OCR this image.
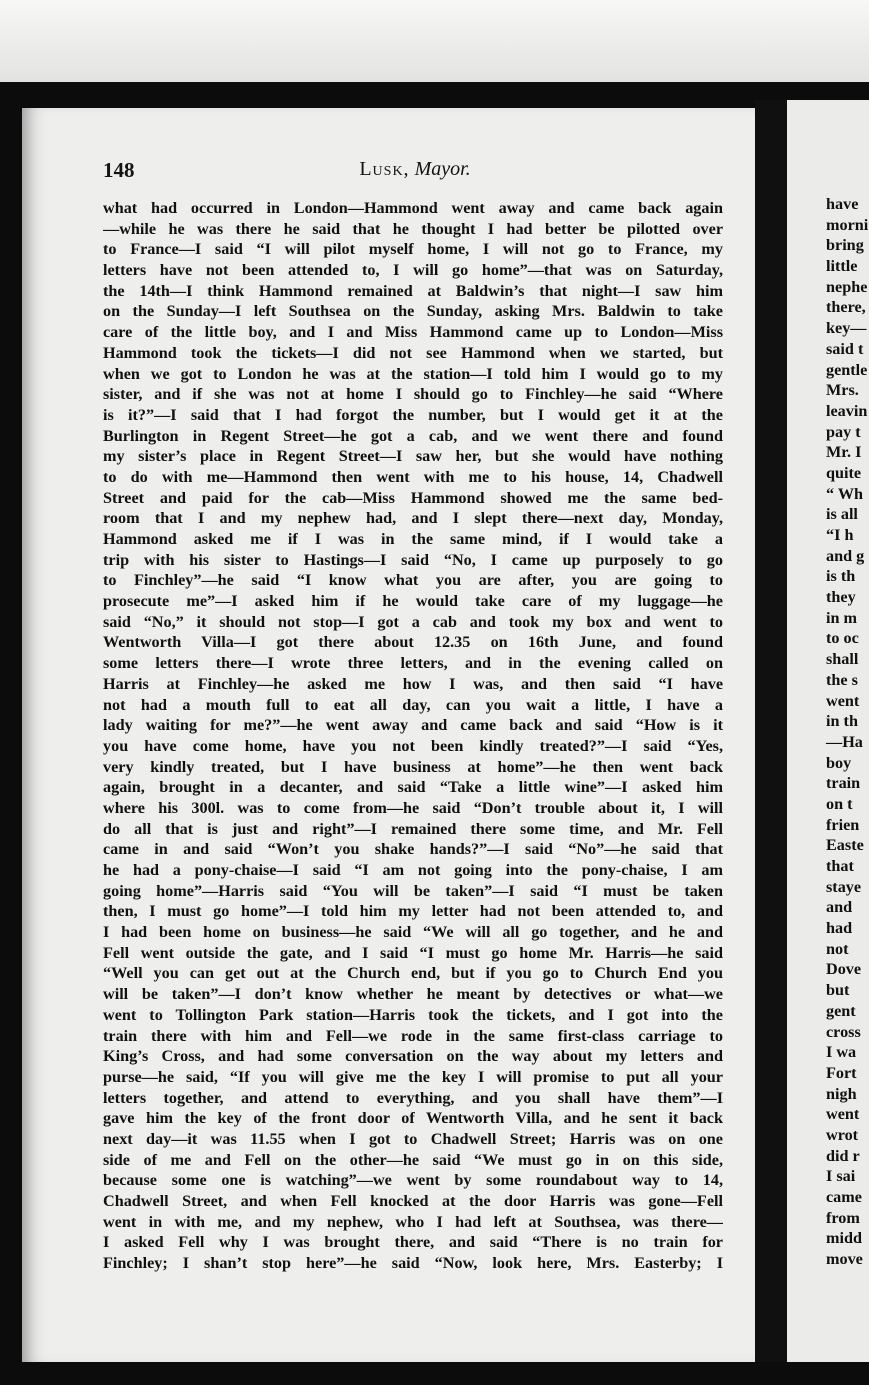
148	Lusk, Mayor.
what had occurred in London—Hammond went away and came back again
—while he was there he said that he thought I had better be pilotted over
to France—I said “I will pilot myself home, I will not go to France, my
letters have not been attended to, I will go home”—that was on Saturday,
the 14th—I think Hammond remained at Baldwin’s that night—I saw him
on the Sunday—I left Southsea on the Sunday, asking Mrs. Baldwin to take
care of the little boy, and I and Miss Hammond came up to London—Miss
Hammond took the tickets—I did not see Hammond when we started, but
when we got to London he was at the station—I told him I would go to my
sister, and if she was not at home I should go to Finchley—he said “Where
is it?”—I said that I had forgot the number, but I would get it at the
Burlington in Regent Street—he got a cab, and we went there and found
my sister’s place in Regent Street—I saw her, but she would have nothing
to do with me—Hammond then went with me to his house, 14, Chadwell
Street and paid for the cab—Miss Hammond showed me the same bed-
room that I and my nephew had, and I slept there—next day, Monday,
Hammond asked me if I was in the same mind, if I would take a
trip with his sister to Hastings—I said “No, I came up purposely to go
to Finchley”—he said “I know what you are after, you are going to
prosecute me”—I asked him if he would take care of my luggage—he
said “No,” it should not stop—I got a cab and took my box and went to
Wentworth Villa—I got there about 12.35 on 16th June, and found
some letters there—I wrote three letters, and in the evening called on
Harris at Finchley—he asked me how I was, and then said “I have
not had a mouth full to eat all day, can you wait a little, I have a
lady waiting for me?”—he went away and came back and said “How is it
you have come home, have you not been kindly treated?”—I said “Yes,
very kindly treated, but I have business at home”—he then went back
again, brought in a decanter, and said “Take a little wine”—I asked him
where his 300l. was to come from—he said “Don’t trouble about it, I will
do all that is just and right”—I remained there some time, and Mr. Fell
came in and said “Won’t you shake hands?”—I said “No”—he said that
he had a pony-chaise—I said “I am not going into the pony-chaise, I am
going home”—Harris said “You will be taken”—I said “I must be taken
then, I must go home”—I told him my letter had not been attended to, and
I had been home on business—he said “We will all go together, and he and
Fell went outside the gate, and I said “I must go home Mr. Harris—he said
“Well you can get out at the Church end, but if you go to Church End you
will be taken”—I don’t know whether he meant by detectives or what—we
went to Tollington Park station—Harris took the tickets, and I got into the
train there with him and Fell—we rode in the same first-class carriage to
King’s Cross, and had some conversation on the way about my letters and
purse—he said, “If you will give me the key I will promise to put all your
letters together, and attend to everything, and you shall have them”—I
gave him the key of the front door of Wentworth Villa, and he sent it back
next day—it was 11.55 when I got to Chadwell Street; Harris was on one
side of me and Fell on the other—he said “We must go in on this side,
because some one is watching”—we went by some roundabout way to 14,
Chadwell Street, and when Fell knocked at the door Harris was gone—Fell
went in with me, and my nephew, who I had left at Southsea, was there—
I asked Fell why I was brought there, and said “There is no train for
Finchley; I shan’t stop here”—he said “Now, look here, Mrs. Easterby; I
have
morni
bring
little
nephe
there,
key—
said t
gentle
Mrs.
leavin
pay t
Mr. I
quite
“ Wh
is all
“I h
and g
is th
they
in m
to oc
shall
the s
went
in th
—Ha
boy
train
on t
frien
Easte
that
staye
and
had
not
Dove
but
gent
cross
I wa
Fort
nigh
went
wrot
did r
I sai
came
from
midd
move
